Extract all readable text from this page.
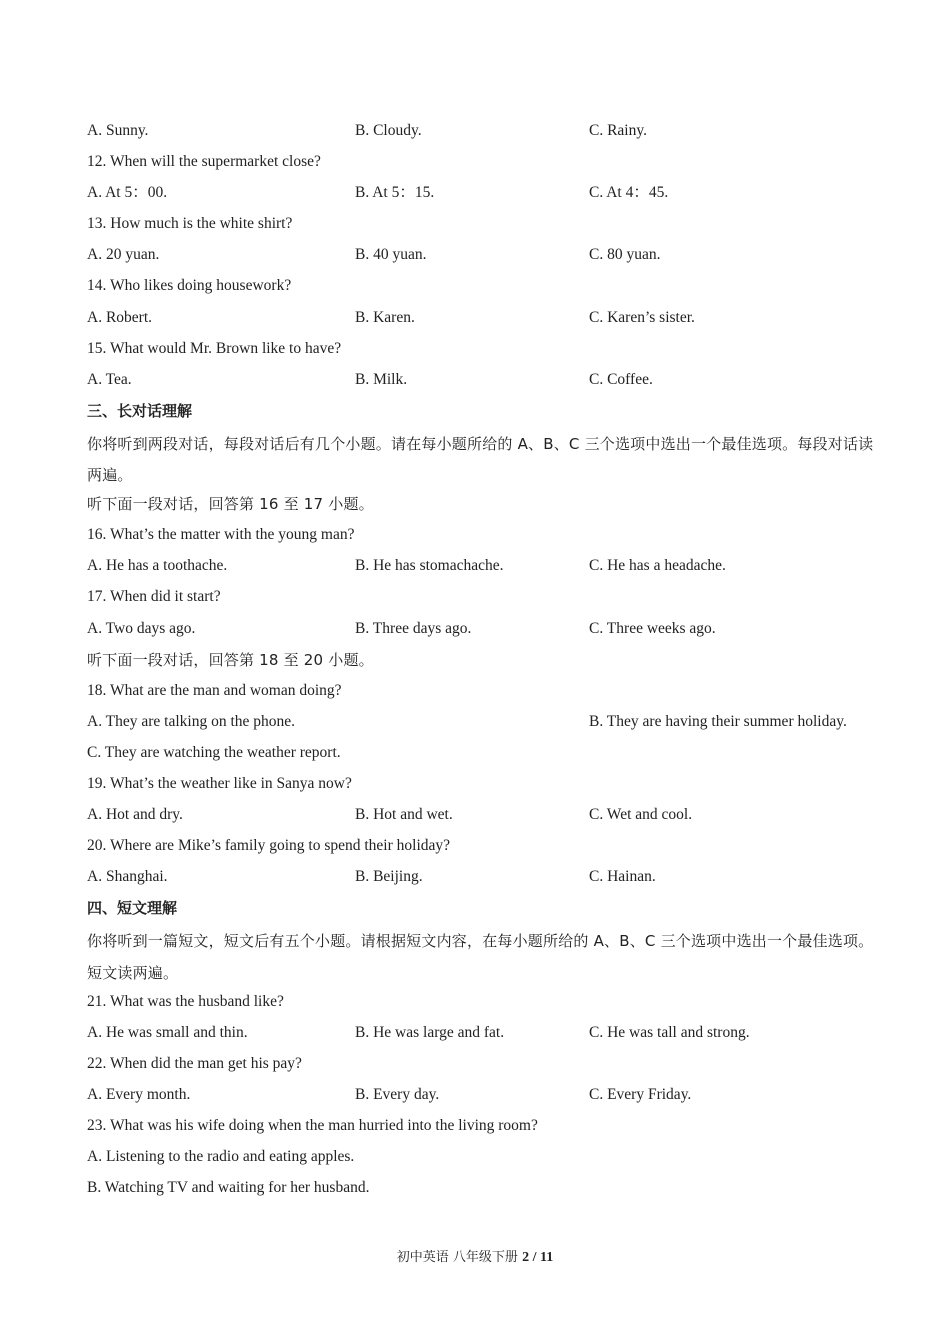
A. Sunny.	B. Cloudy.	C. Rainy.
12. When will the supermarket close?
A. At 5：00.	B. At 5：15.	C. At 4：45.
13. How much is the white shirt?
A. 20 yuan.	B. 40 yuan.	C. 80 yuan.
14. Who likes doing housework?
A. Robert.	B. Karen.	C. Karen’s sister.
15. What would Mr. Brown like to have?
A. Tea.	B. Milk.	C. Coffee.
三、长对话理解
你将听到两段对话，每段对话后有几个小题。请在每小题所给的 A、B、C 三个选项中选出一个最佳选项。每段对话读两遍。
听下面一段对话，回答第 16 至 17 小题。
16. What’s the matter with the young man?
A. He has a toothache.	B. He has stomachache.	C. He has a headache.
17. When did it start?
A. Two days ago.	B. Three days ago.	C. Three weeks ago.
听下面一段对话，回答第 18 至 20 小题。
18. What are the man and woman doing?
A. They are talking on the phone.	B. They are having their summer holiday.
C. They are watching the weather report.
19. What’s the weather like in Sanya now?
A. Hot and dry.	B. Hot and wet.	C. Wet and cool.
20. Where are Mike’s family going to spend their holiday?
A. Shanghai.	B. Beijing.	C. Hainan.
四、短文理解
你将听到一篇短文，短文后有五个小题。请根据短文内容，在每小题所给的 A、B、C 三个选项中选出一个最佳选项。短文读两遍。
21. What was the husband like?
A. He was small and thin.	B. He was large and fat.	C. He was tall and strong.
22. When did the man get his pay?
A. Every month.	B. Every day.	C. Every Friday.
23. What was his wife doing when the man hurried into the living room?
A. Listening to the radio and eating apples.
B. Watching TV and waiting for her husband.
初中英语 八年级下册 2 / 11
